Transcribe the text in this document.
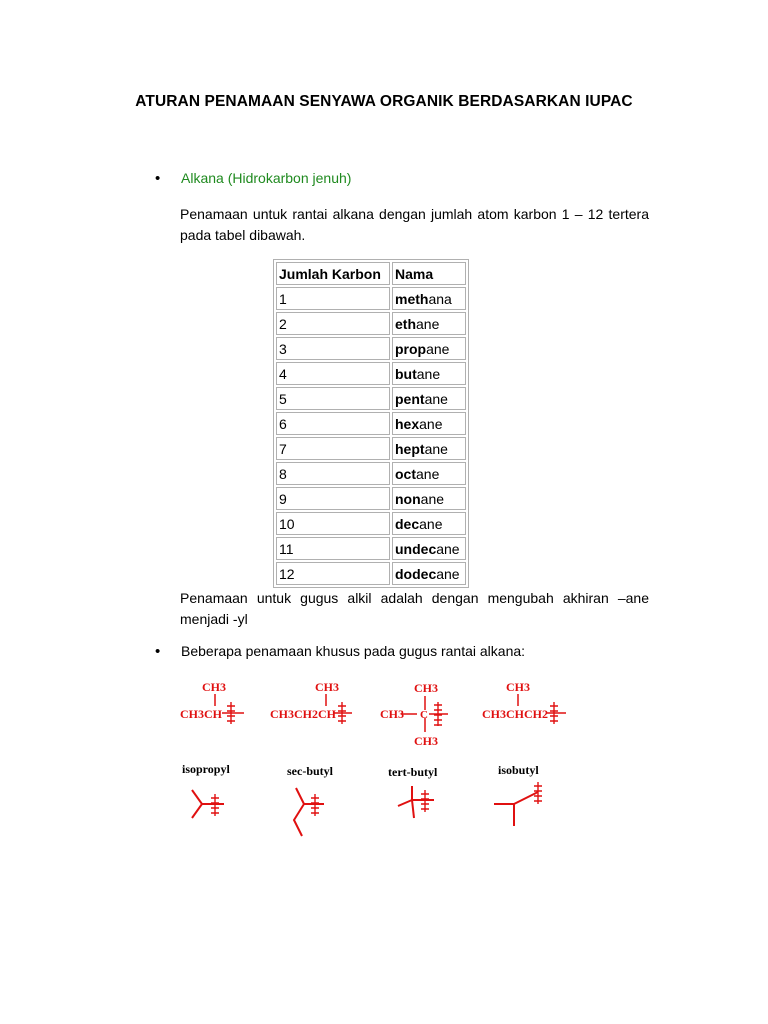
ATURAN PENAMAAN SENYAWA ORGANIK BERDASARKAN IUPAC
• Alkana (Hidrokarbon jenuh)
Penamaan untuk rantai alkana dengan jumlah atom karbon 1 – 12 tertera pada tabel dibawah.
Jumlah Karbon	Nama
1	methana
2	ethane
3	propane
4	butane
5	pentane
6	hexane
7	heptane
8	octane
9	nonane
10	decane
11	undecane
12	dodecane
Penamaan untuk gugus alkil adalah dengan mengubah akhiran –ane menjadi -yl
• Beberapa penamaan khusus pada gugus rantai alkana:
CH3
CH3CH
CH3
CH3CH2CH
CH3
CH3 C
CH3
CH3
CH3CHCH2
isopropyl	sec-butyl	tert-butyl	isobutyl
